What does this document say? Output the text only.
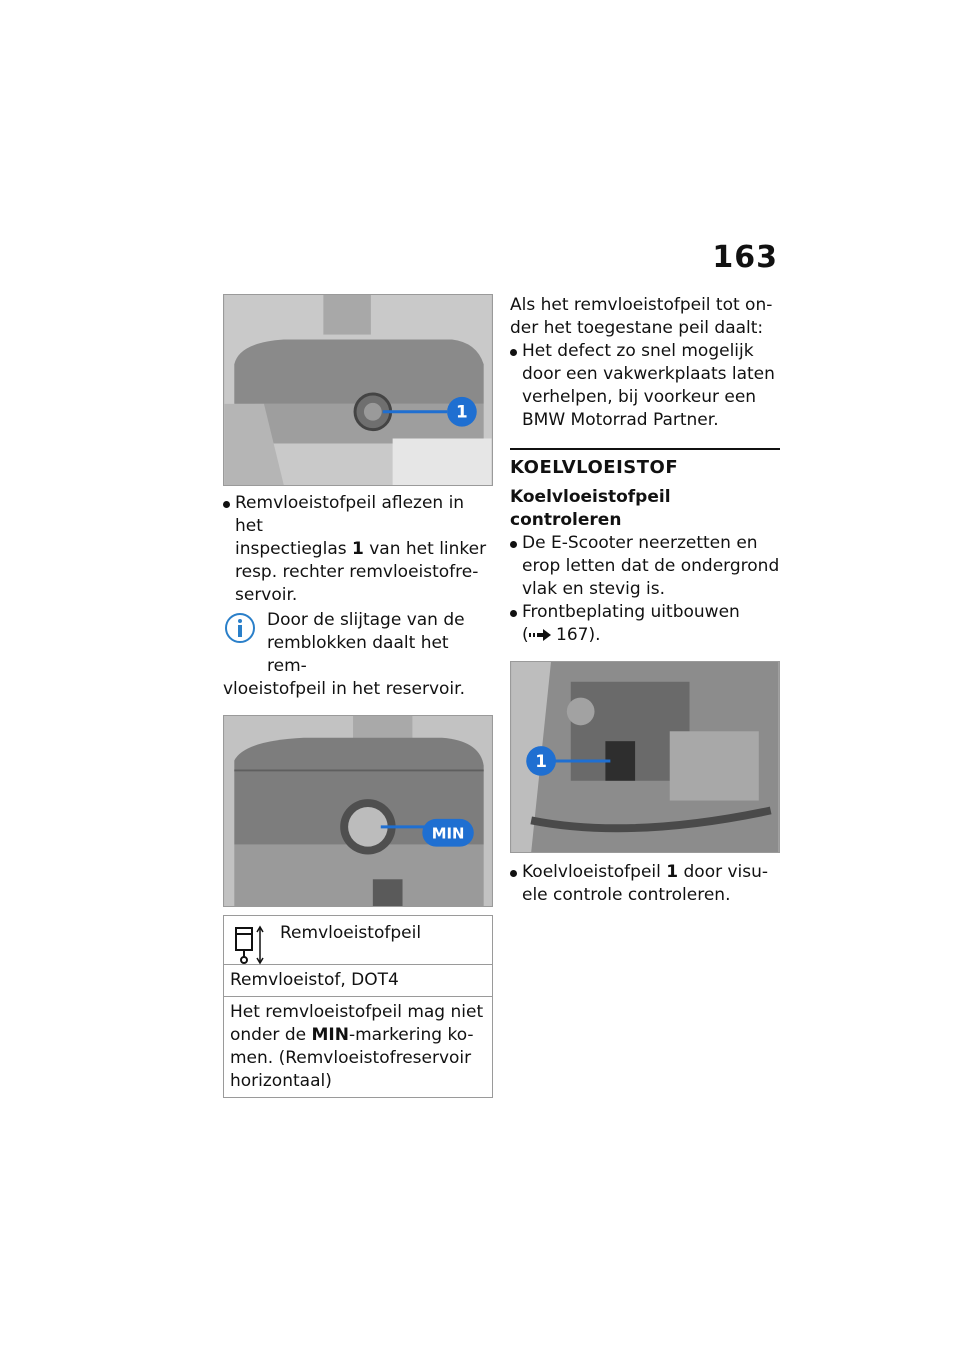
163
1

Remvloeistofpeil aflezen in het
inspectieglas 1 van het linker
resp. rechter remvloeistofre-
servoir.

Door de slijtage van de

remblokken daalt het rem-

vloeistofpeil in het reservoir.

MIN
Remvloeistofpeil
Remvloeistof, DOT4
Het remvloeistofpeil mag niet
onder de MIN-markering ko-
men. (Remvloeistofreservoir
horizontaal)

Als het remvloeistofpeil tot on-
der het toegestane peil daalt:

Het defect zo snel mogelijk
door een vakwerkplaats laten
verhelpen, bij voorkeur een
BMW Motorrad Partner.

KOELVLOEISTOF

Koelvloeistofpeil controleren

De E-Scooter neerzetten en
erop letten dat de ondergrond
vlak en stevig is.

Frontbeplating uitbouwen
( 167).

1

Koelvloeistofpeil 1 door visu-
ele controle controleren.
